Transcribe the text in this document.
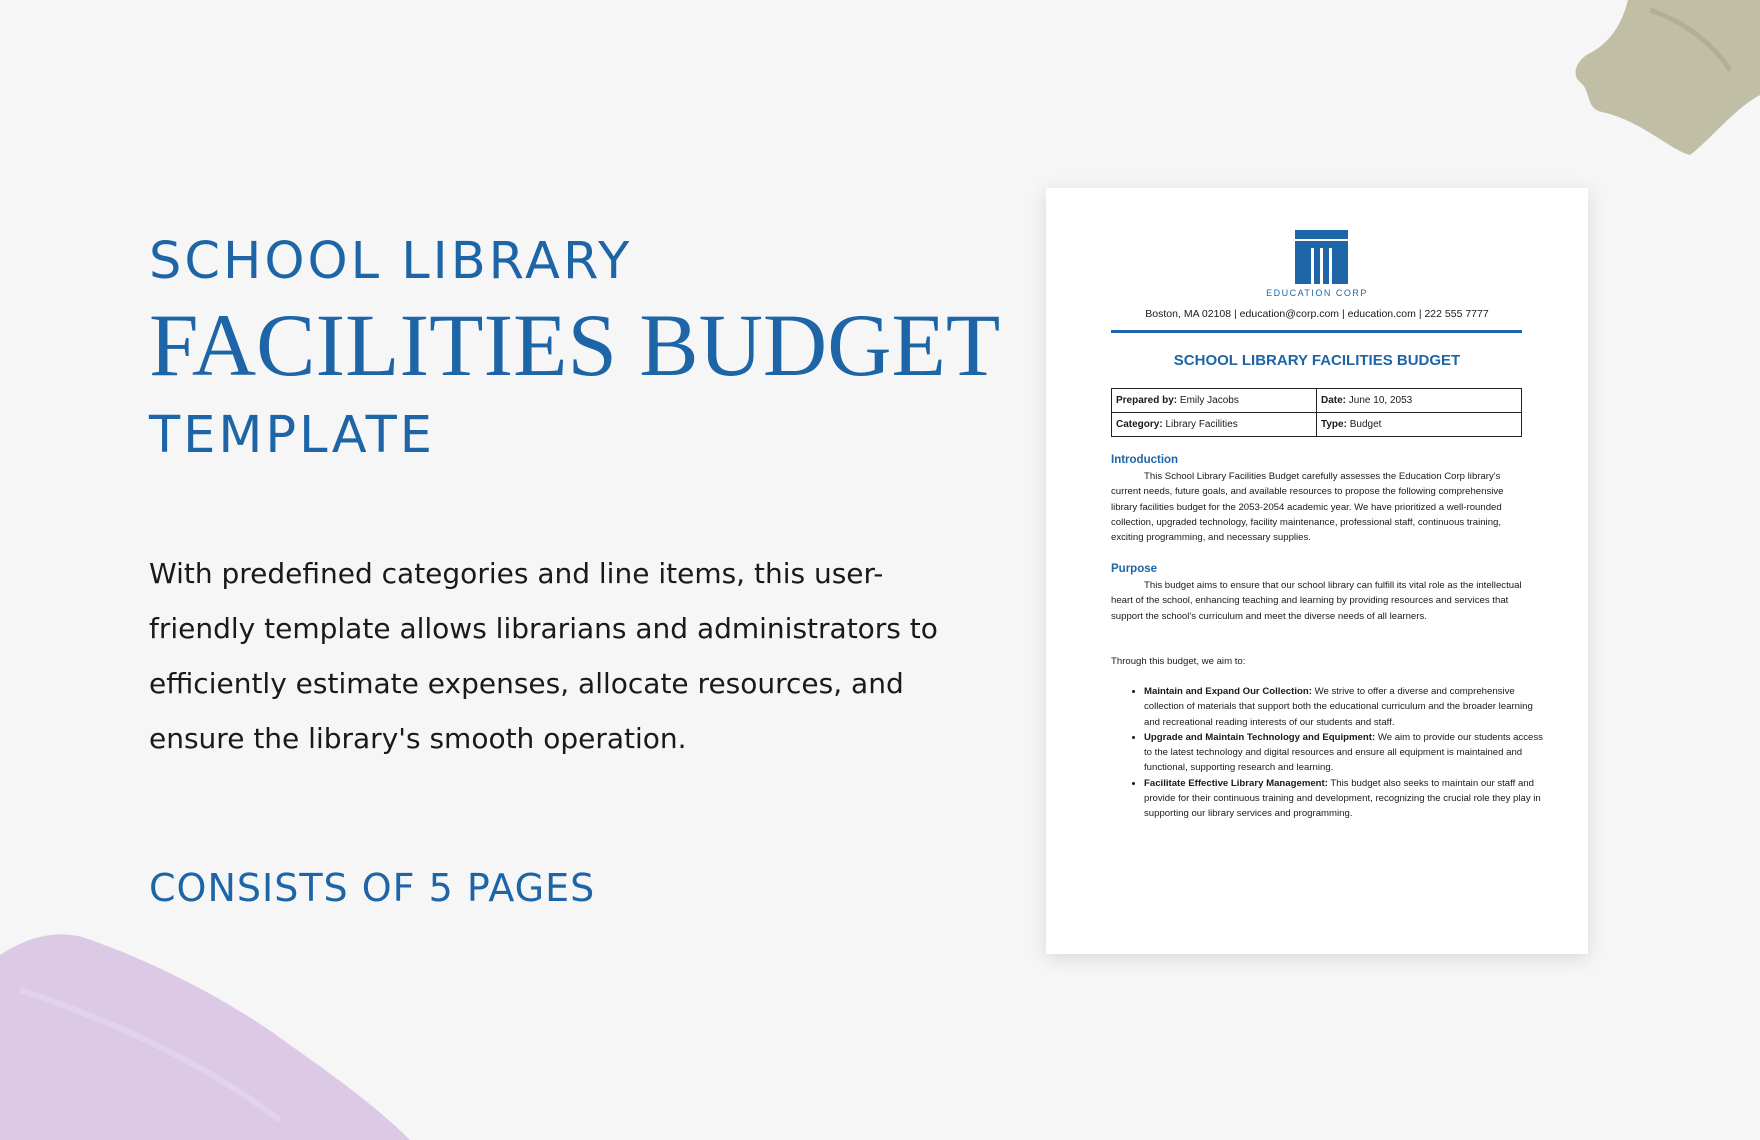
SCHOOL LIBRARY
FACILITIES BUDGET
TEMPLATE

With predefined categories and line items, this user-friendly template allows librarians and administrators to efficiently estimate expenses, allocate resources, and ensure the library's smooth operation.

CONSISTS OF 5 PAGES
EDUCATION CORP
Boston, MA 02108 | education@corp.com | education.com | 222 555 7777
SCHOOL LIBRARY FACILITIES BUDGET
Prepared by: Emily Jacobs	Date: June 10, 2053
Category: Library Facilities	Type: Budget
Introduction

This School Library Facilities Budget carefully assesses the Education Corp library's current needs, future goals, and available resources to propose the following comprehensive library facilities budget for the 2053-2054 academic year. We have prioritized a well-rounded collection, upgraded technology, facility maintenance, professional staff, continuous training, exciting programming, and necessary supplies.

Purpose

This budget aims to ensure that our school library can fulfill its vital role as the intellectual heart of the school, enhancing teaching and learning by providing resources and services that support the school's curriculum and meet the diverse needs of all learners.

Through this budget, we aim to:

• Maintain and Expand Our Collection: We strive to offer a diverse and comprehensive collection of materials that support both the educational curriculum and the broader learning and recreational reading interests of our students and staff.
• Upgrade and Maintain Technology and Equipment: We aim to provide our students access to the latest technology and digital resources and ensure all equipment is maintained and functional, supporting research and learning.
• Facilitate Effective Library Management: This budget also seeks to maintain our staff and provide for their continuous training and development, recognizing the crucial role they play in supporting our library services and programming.
